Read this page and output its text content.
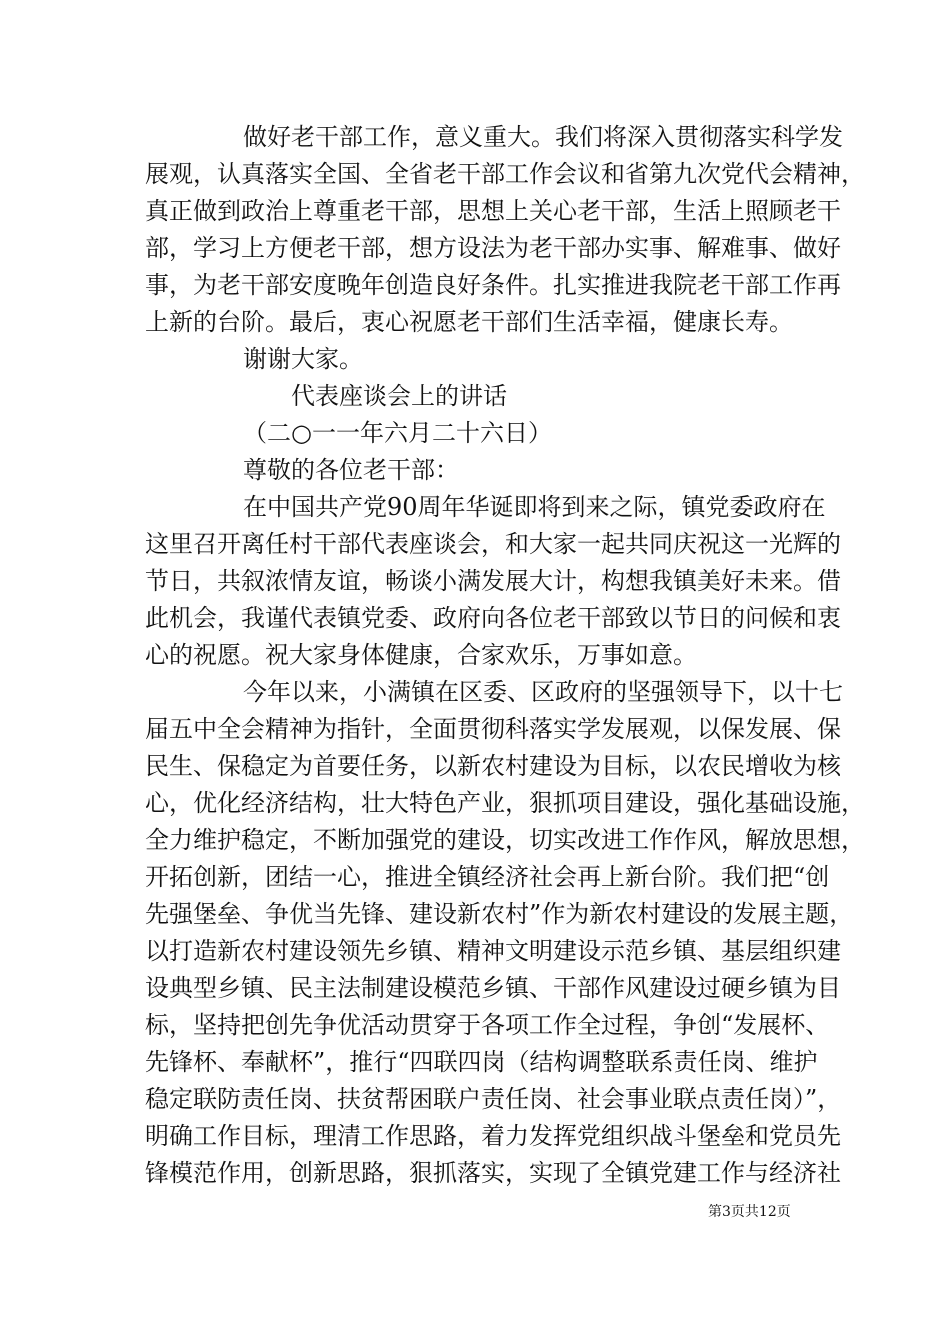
做好老干部工作，意义重大。我们将深入贯彻落实科学发
展观，认真落实全国、全省老干部工作会议和省第九次党代会精神，
真正做到政治上尊重老干部，思想上关心老干部，生活上照顾老干
部，学习上方便老干部，想方设法为老干部办实事、解难事、做好
事，为老干部安度晚年创造良好条件。扎实推进我院老干部工作再
上新的台阶。最后，衷心祝愿老干部们生活幸福，健康长寿。
谢谢大家。
代表座谈会上的讲话
（二○一一年六月二十六日）
尊敬的各位老干部：
在中国共产党90周年华诞即将到来之际，镇党委政府在
这里召开离任村干部代表座谈会，和大家一起共同庆祝这一光辉的
节日，共叙浓情友谊，畅谈小满发展大计，构想我镇美好未来。借
此机会，我谨代表镇党委、政府向各位老干部致以节日的问候和衷
心的祝愿。祝大家身体健康，合家欢乐，万事如意。
今年以来，小满镇在区委、区政府的坚强领导下，以十七
届五中全会精神为指针，全面贯彻科落实学发展观，以保发展、保
民生、保稳定为首要任务，以新农村建设为目标，以农民增收为核
心，优化经济结构，壮大特色产业，狠抓项目建设，强化基础设施，
全力维护稳定，不断加强党的建设，切实改进工作作风，解放思想，
开拓创新，团结一心，推进全镇经济社会再上新台阶。我们把“创
先强堡垒、争优当先锋、建设新农村”作为新农村建设的发展主题，
以打造新农村建设领先乡镇、精神文明建设示范乡镇、基层组织建
设典型乡镇、民主法制建设模范乡镇、干部作风建设过硬乡镇为目
标，坚持把创先争优活动贯穿于各项工作全过程，争创“发展杯、
先锋杯、奉献杯”，推行“四联四岗（结构调整联系责任岗、维护
稳定联防责任岗、扶贫帮困联户责任岗、社会事业联点责任岗）”，
明确工作目标，理清工作思路，着力发挥党组织战斗堡垒和党员先
锋模范作用，创新思路，狠抓落实，实现了全镇党建工作与经济社
第3页共12页
